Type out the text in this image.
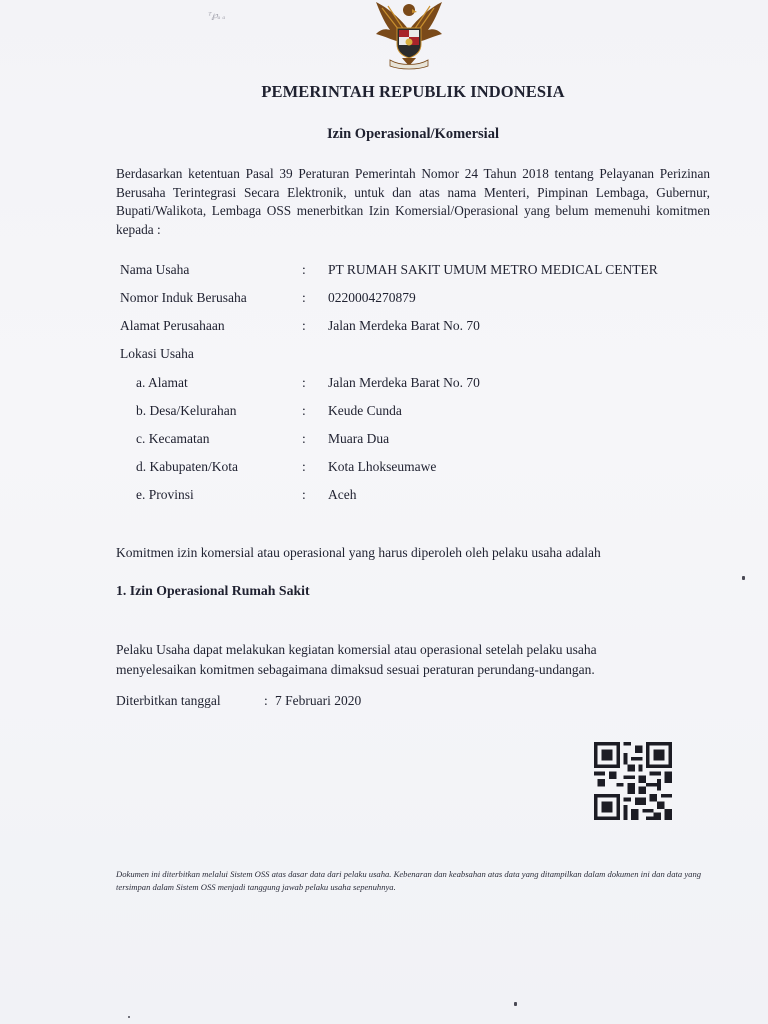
ᵀ℘ₒ ₐ
PEMERINTAH REPUBLIK INDONESIA
Izin Operasional/Komersial
Berdasarkan ketentuan Pasal 39 Peraturan Pemerintah Nomor 24 Tahun 2018 tentang Pelayanan Perizinan Berusaha Terintegrasi Secara Elektronik, untuk dan atas nama Menteri, Pimpinan Lembaga, Gubernur, Bupati/Walikota, Lembaga OSS menerbitkan Izin Komersial/Operasional yang belum memenuhi komitmen kepada :
Nama Usaha	: PT RUMAH SAKIT UMUM METRO MEDICAL CENTER
Nomor Induk Berusaha	: 0220004270879
Alamat Perusahaan	: Jalan Merdeka Barat No. 70
Lokasi Usaha
a. Alamat	: Jalan Merdeka Barat No. 70
b. Desa/Kelurahan	: Keude Cunda
c. Kecamatan	: Muara Dua
d. Kabupaten/Kota	: Kota Lhokseumawe
e. Provinsi	: Aceh
Komitmen izin komersial atau operasional yang harus diperoleh oleh pelaku usaha adalah
1. Izin Operasional Rumah Sakit
Pelaku Usaha dapat melakukan kegiatan komersial atau operasional setelah pelaku usaha menyelesaikan komitmen sebagaimana dimaksud sesuai peraturan perundang-undangan.
Diterbitkan tanggal	: 7 Februari 2020
Dokumen ini diterbitkan melalui Sistem OSS atas dasar data dari pelaku usaha. Kebenaran dan keabsahan atas data yang ditampilkan dalam dokumen ini dan data yang tersimpan dalam Sistem OSS menjadi tanggung jawab pelaku usaha sepenuhnya.
